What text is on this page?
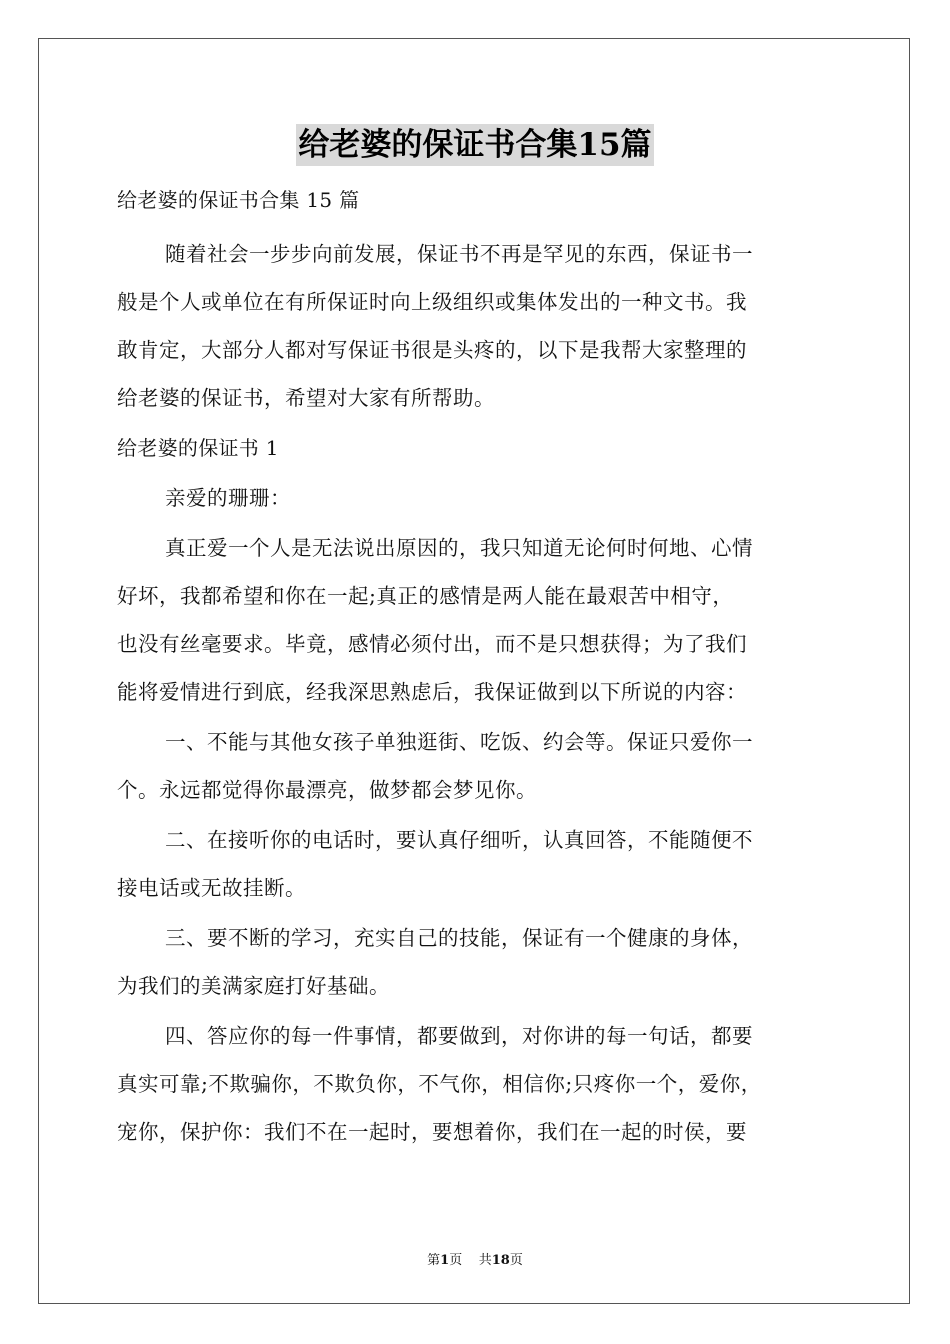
给老婆的保证书合集15篇
给老婆的保证书合集 15 篇
随着社会一步步向前发展，保证书不再是罕见的东西，保证书一
般是个人或单位在有所保证时向上级组织或集体发出的一种文书。我
敢肯定，大部分人都对写保证书很是头疼的，以下是我帮大家整理的
给老婆的保证书，希望对大家有所帮助。
给老婆的保证书 1
亲爱的珊珊：
真正爱一个人是无法说出原因的，我只知道无论何时何地、心情
好坏，我都希望和你在一起;真正的感情是两人能在最艰苦中相守，
也没有丝毫要求。毕竟，感情必须付出，而不是只想获得；为了我们
能将爱情进行到底，经我深思熟虑后，我保证做到以下所说的内容：
一、不能与其他女孩子单独逛街、吃饭、约会等。保证只爱你一
个。永远都觉得你最漂亮，做梦都会梦见你。
二、在接听你的电话时，要认真仔细听，认真回答，不能随便不
接电话或无故挂断。
三、要不断的学习，充实自己的技能，保证有一个健康的身体，
为我们的美满家庭打好基础。
四、答应你的每一件事情，都要做到，对你讲的每一句话，都要
真实可靠;不欺骗你，不欺负你，不气你，相信你;只疼你一个，爱你，
宠你，保护你：我们不在一起时，要想着你，我们在一起的时侯，要
第1页 共18页
